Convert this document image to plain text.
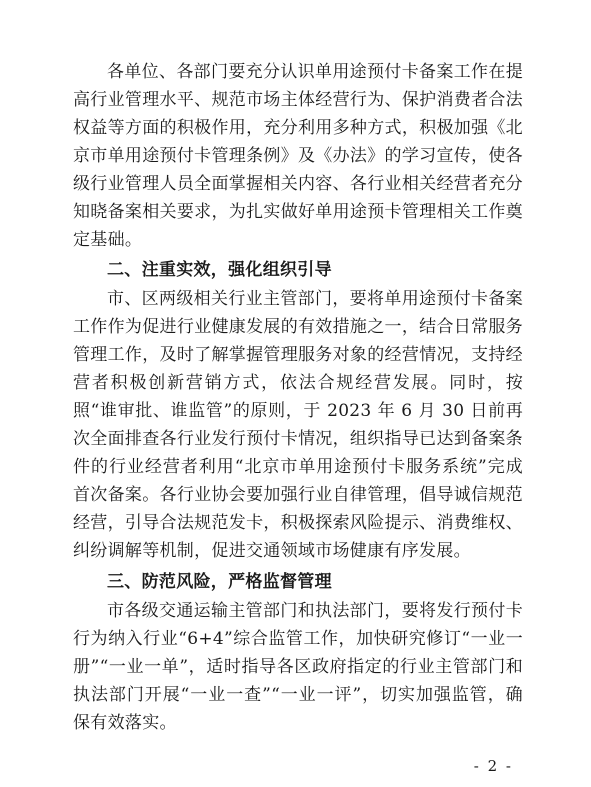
各单位、各部门要充分认识单用途预付卡备案工作在提高行业管理水平、规范市场主体经营行为、保护消费者合法权益等方面的积极作用，充分利用多种方式，积极加强《北京市单用途预付卡管理条例》及《办法》的学习宣传，使各级行业管理人员全面掌握相关内容、各行业相关经营者充分知晓备案相关要求，为扎实做好单用途预卡管理相关工作奠定基础。

二、注重实效，强化组织引导

市、区两级相关行业主管部门，要将单用途预付卡备案工作作为促进行业健康发展的有效措施之一，结合日常服务管理工作，及时了解掌握管理服务对象的经营情况，支持经营者积极创新营销方式，依法合规经营发展。同时，按照“谁审批、谁监管”的原则，于 2023 年 6 月 30 日前再次全面排查各行业发行预付卡情况，组织指导已达到备案条件的行业经营者利用“北京市单用途预付卡服务系统”完成首次备案。各行业协会要加强行业自律管理，倡导诚信规范经营，引导合法规范发卡，积极探索风险提示、消费维权、纠纷调解等机制，促进交通领域市场健康有序发展。

三、防范风险，严格监督管理

市各级交通运输主管部门和执法部门，要将发行预付卡行为纳入行业“6+4”综合监管工作，加快研究修订“一业一册”“一业一单”，适时指导各区政府指定的行业主管部门和执法部门开展“一业一查”“一业一评”，切实加强监管，确保有效落实。

- 2 -
